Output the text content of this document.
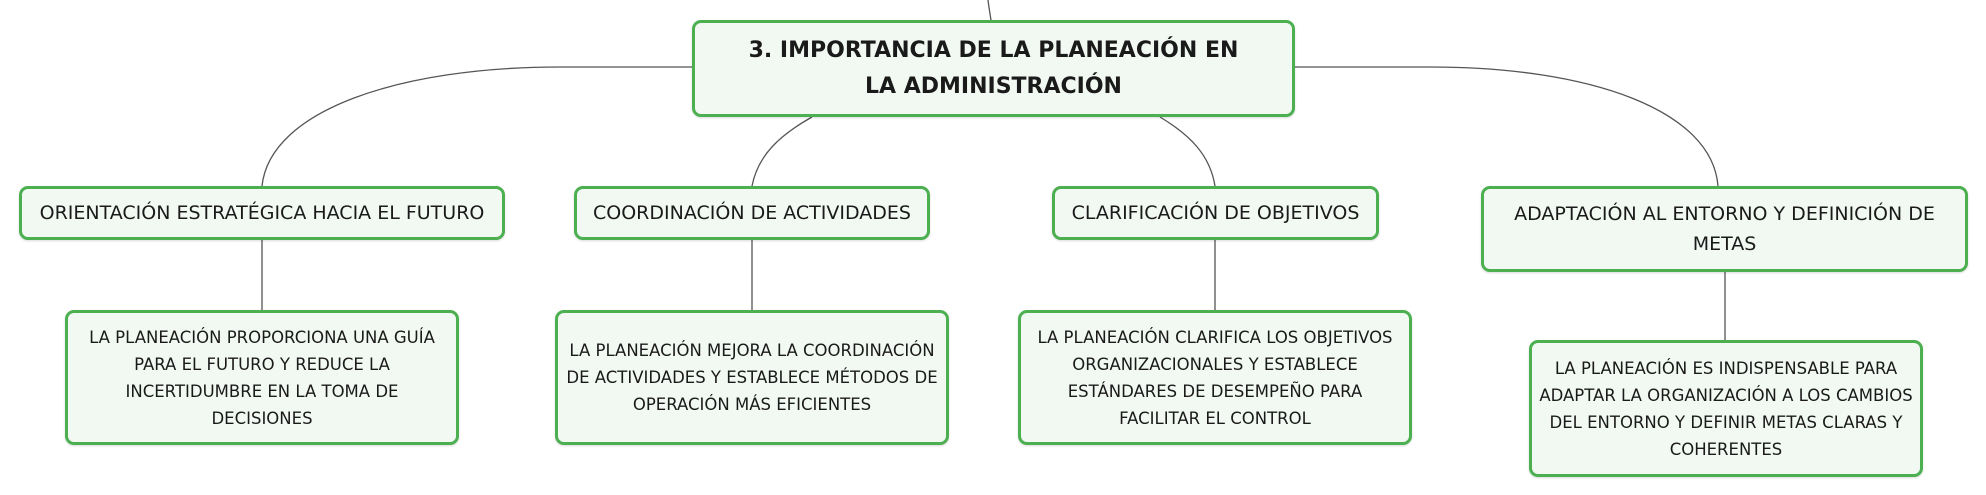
3. IMPORTANCIA DE LA PLANEACIÓN EN LA ADMINISTRACIÓN
ORIENTACIÓN ESTRATÉGICA HACIA EL FUTURO	COORDINACIÓN DE ACTIVIDADES	CLARIFICACIÓN DE OBJETIVOS	ADAPTACIÓN AL ENTORNO Y DEFINICIÓN DE METAS
LA PLANEACIÓN PROPORCIONA UNA GUÍA PARA EL FUTURO Y REDUCE LA INCERTIDUMBRE EN LA TOMA DE DECISIONES
LA PLANEACIÓN MEJORA LA COORDINACIÓN DE ACTIVIDADES Y ESTABLECE MÉTODOS DE OPERACIÓN MÁS EFICIENTES
LA PLANEACIÓN CLARIFICA LOS OBJETIVOS ORGANIZACIONALES Y ESTABLECE ESTÁNDARES DE DESEMPEÑO PARA FACILITAR EL CONTROL
LA PLANEACIÓN ES INDISPENSABLE PARA ADAPTAR LA ORGANIZACIÓN A LOS CAMBIOS DEL ENTORNO Y DEFINIR METAS CLARAS Y COHERENTES
